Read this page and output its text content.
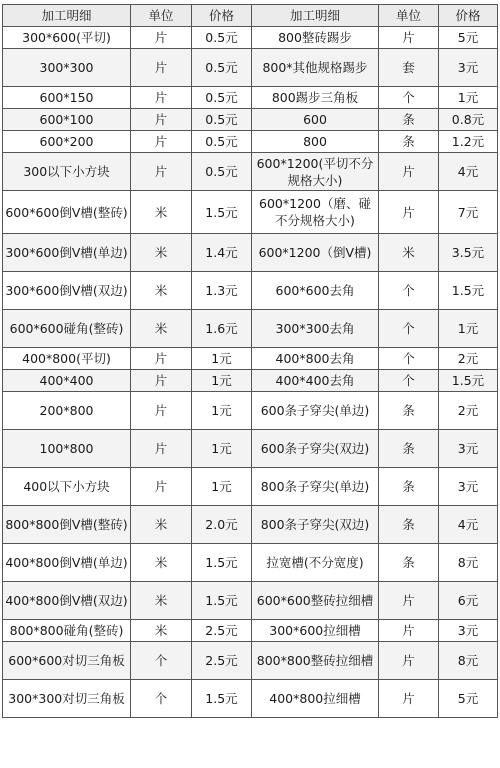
加工明细	单位	价格	加工明细	单位	价格
300*600(平切)	片	0.5元	800整砖踢步	片	5元
300*300	片	0.5元	800*其他规格踢步	套	3元
600*150	片	0.5元	800踢步三角板	个	1元
600*100	片	0.5元	600	条	0.8元
600*200	片	0.5元	800	条	1.2元
300以下小方块	片	0.5元	600*1200(平切不分规格大小)	片	4元
600*600倒V槽(整砖)	米	1.5元	600*1200（磨、碰不分规格大小)	片	7元
300*600倒V槽(单边)	米	1.4元	600*1200（倒V槽)	米	3.5元
300*600倒V槽(双边)	米	1.3元	600*600去角	个	1.5元
600*600碰角(整砖)	米	1.6元	300*300去角	个	1元
400*800(平切)	片	1元	400*800去角	个	2元
400*400	片	1元	400*400去角	个	1.5元
200*800	片	1元	600条子穿尖(单边)	条	2元
100*800	片	1元	600条子穿尖(双边)	条	3元
400以下小方块	片	1元	800条子穿尖(单边)	条	3元
800*800倒V槽(整砖)	米	2.0元	800条子穿尖(双边)	条	4元
400*800倒V槽(单边)	米	1.5元	拉宽槽(不分宽度)	条	8元
400*800倒V槽(双边)	米	1.5元	600*600整砖拉细槽	片	6元
800*800碰角(整砖)	米	2.5元	300*600拉细槽	片	3元
600*600对切三角板	个	2.5元	800*800整砖拉细槽	片	8元
300*300对切三角板	个	1.5元	400*800拉细槽	片	5元
